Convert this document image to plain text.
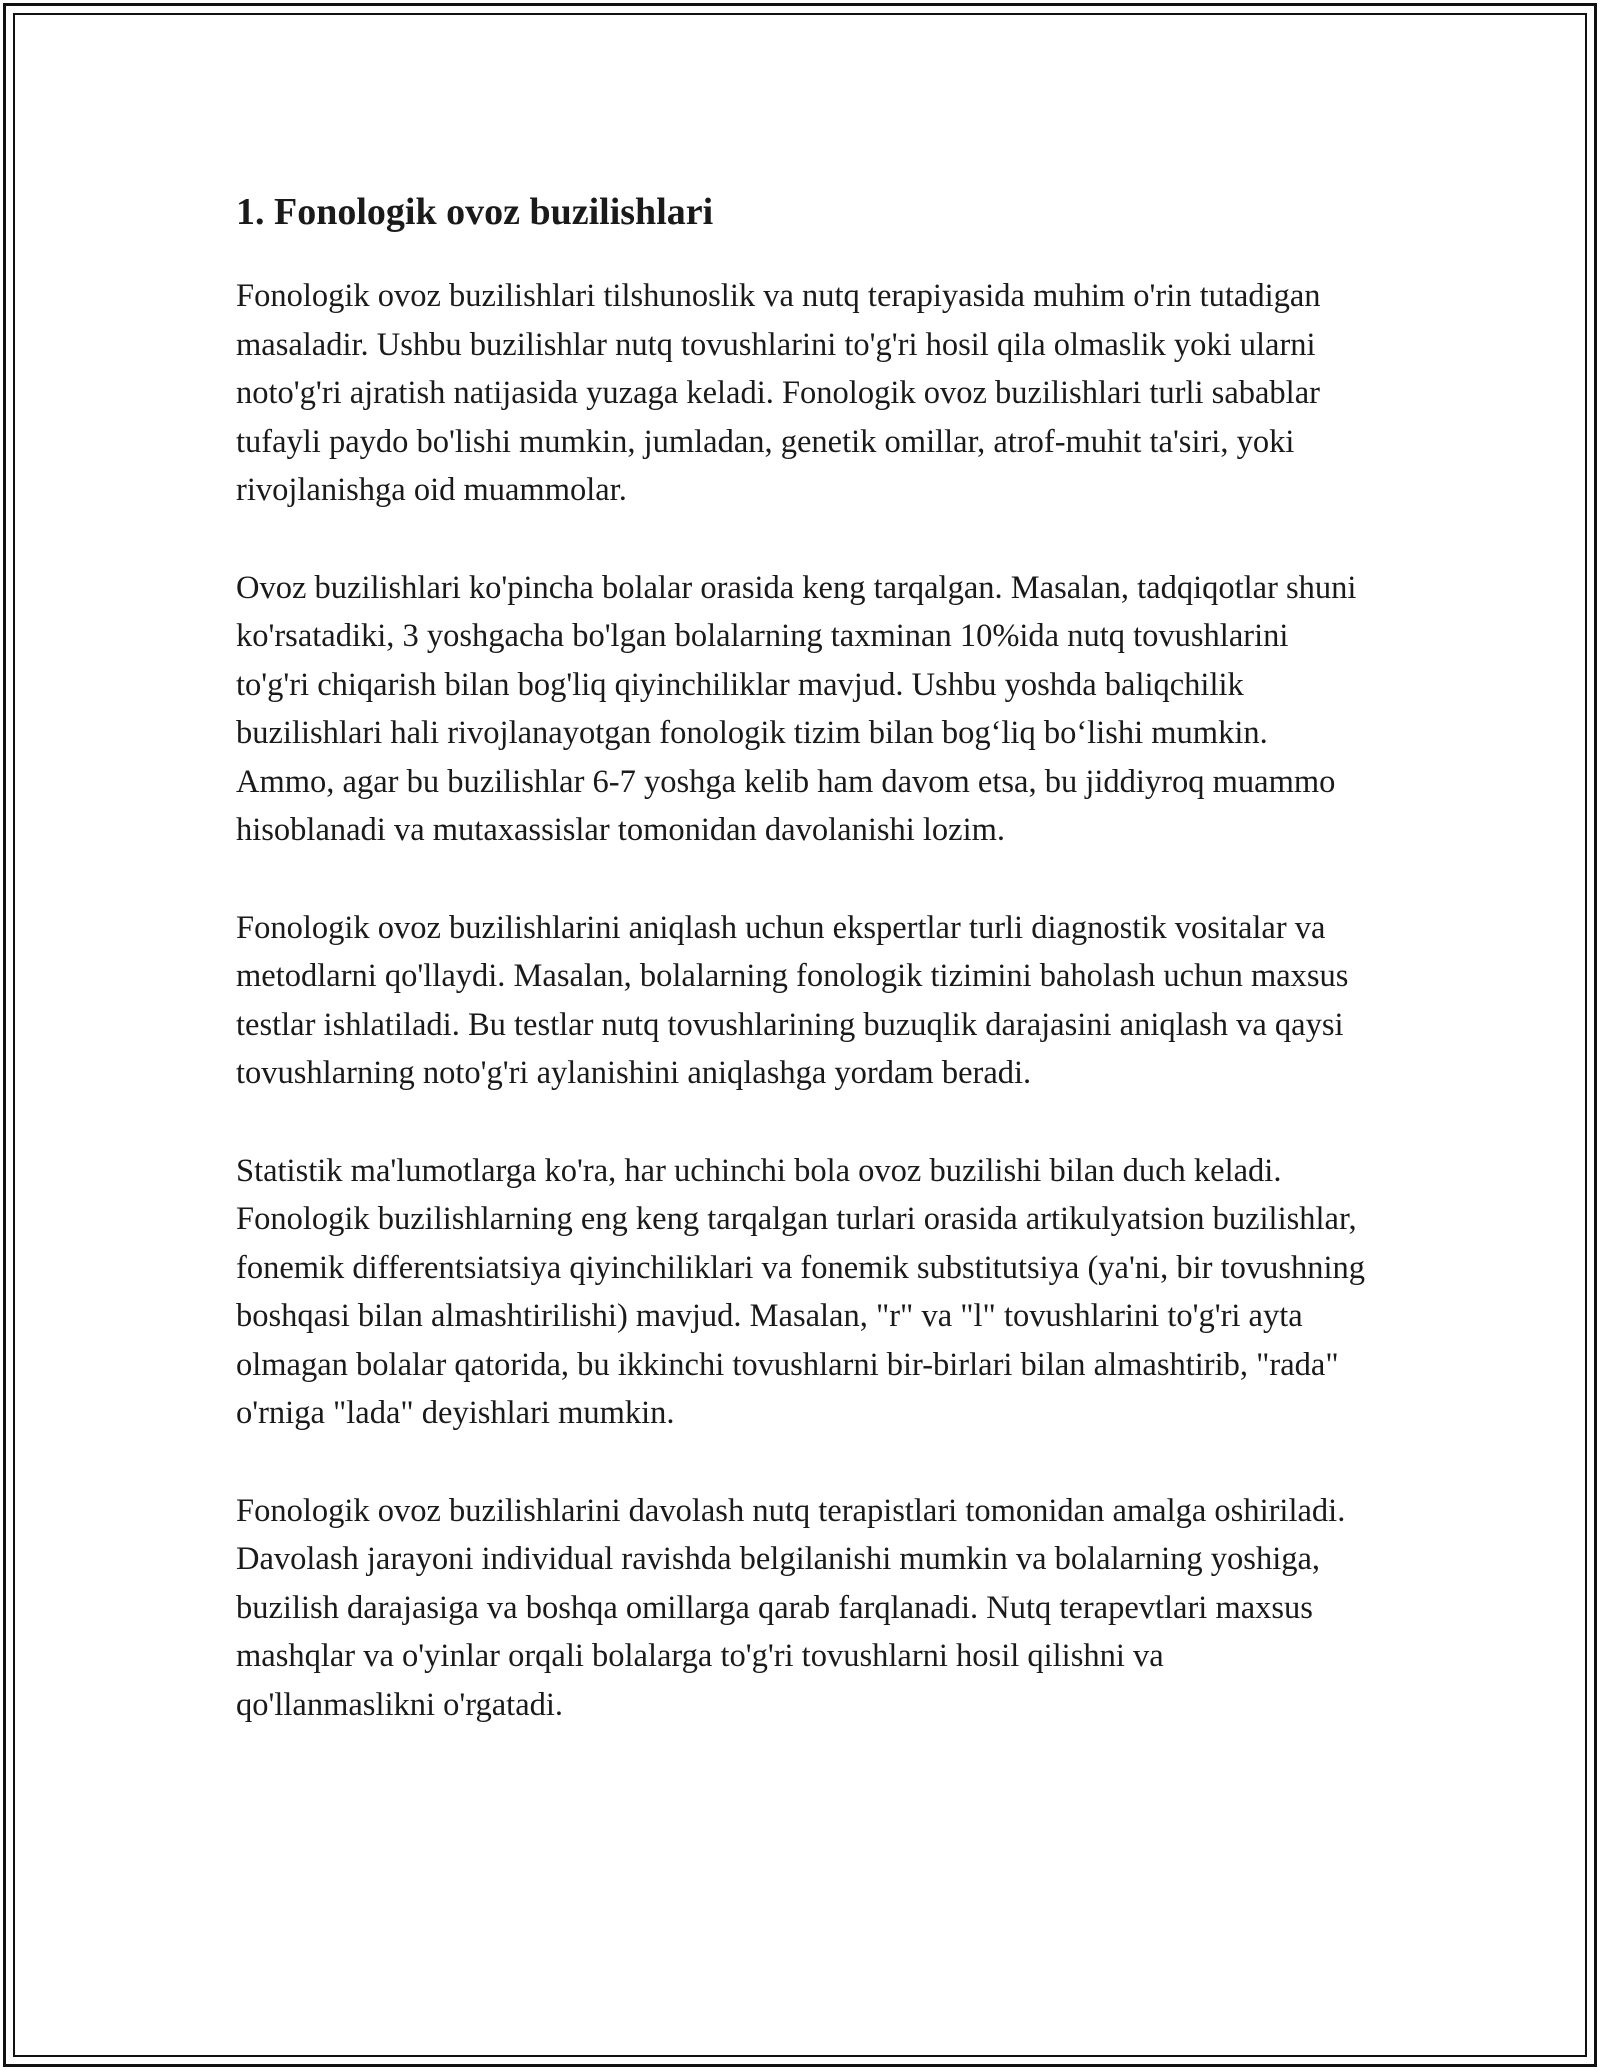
1. Fonologik ovoz buzilishlari

Fonologik ovoz buzilishlari tilshunoslik va nutq terapiyasida muhim o'rin tutadigan masaladir. Ushbu buzilishlar nutq tovushlarini to'g'ri hosil qila olmaslik yoki ularni noto'g'ri ajratish natijasida yuzaga keladi. Fonologik ovoz buzilishlari turli sabablar tufayli paydo bo'lishi mumkin, jumladan, genetik omillar, atrof-muhit ta'siri, yoki rivojlanishga oid muammolar.

Ovoz buzilishlari ko'pincha bolalar orasida keng tarqalgan. Masalan, tadqiqotlar shuni ko'rsatadiki, 3 yoshgacha bo'lgan bolalarning taxminan 10%ida nutq tovushlarini to'g'ri chiqarish bilan bog'liq qiyinchiliklar mavjud. Ushbu yoshda baliqchilik buzilishlari hali rivojlanayotgan fonologik tizim bilan bog‘liq bo‘lishi mumkin. Ammo, agar bu buzilishlar 6-7 yoshga kelib ham davom etsa, bu jiddiyroq muammo hisoblanadi va mutaxassislar tomonidan davolanishi lozim.

Fonologik ovoz buzilishlarini aniqlash uchun ekspertlar turli diagnostik vositalar va metodlarni qo'llaydi. Masalan, bolalarning fonologik tizimini baholash uchun maxsus testlar ishlatiladi. Bu testlar nutq tovushlarining buzuqlik darajasini aniqlash va qaysi tovushlarning noto'g'ri aylanishini aniqlashga yordam beradi.

Statistik ma'lumotlarga ko'ra, har uchinchi bola ovoz buzilishi bilan duch keladi. Fonologik buzilishlarning eng keng tarqalgan turlari orasida artikulyatsion buzilishlar, fonemik differentsiatsiya qiyinchiliklari va fonemik substitutsiya (ya'ni, bir tovushning boshqasi bilan almashtirilishi) mavjud. Masalan, "r" va "l" tovushlarini to'g'ri ayta olmagan bolalar qatorida, bu ikkinchi tovushlarni bir-birlari bilan almashtirib, "rada" o'rniga "lada" deyishlari mumkin.

Fonologik ovoz buzilishlarini davolash nutq terapistlari tomonidan amalga oshiriladi. Davolash jarayoni individual ravishda belgilanishi mumkin va bolalarning yoshiga, buzilish darajasiga va boshqa omillarga qarab farqlanadi. Nutq terapevtlari maxsus mashqlar va o'yinlar orqali bolalarga to'g'ri tovushlarni hosil qilishni va qo'llanmaslikni o'rgatadi.
